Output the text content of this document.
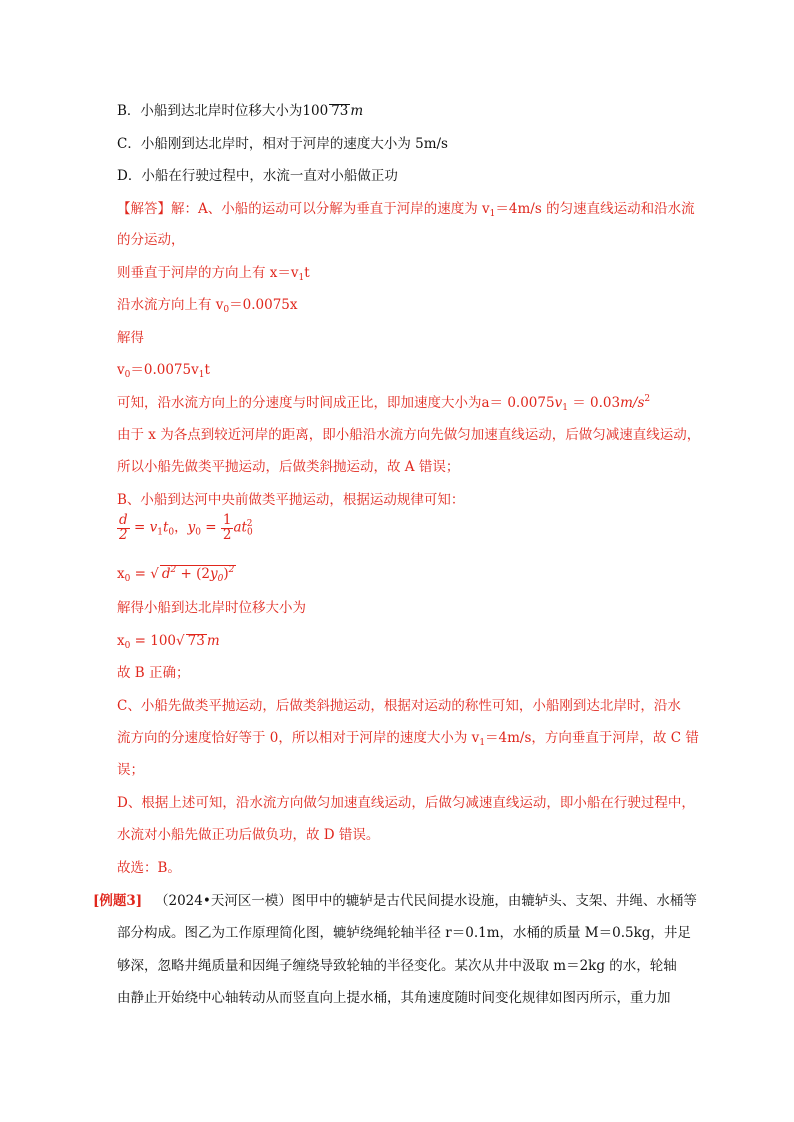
B．小船到达北岸时位移大小为100 73 m
C．小船刚到达北岸时，相对于河岸的速度大小为 5m/s
D．小船在行驶过程中，水流一直对小船做正功
【解答】解：A、小船的运动可以分解为垂直于河岸的速度为 $v_1=4m/s$ 的匀速直线运动和沿水流
的分运动，
则垂直于河岸的方向上有 $x=v_1t$
沿水流方向上有 $v_0=0.0075x$
解得
$v_0=0.0075v_1t$
可知，沿水流方向上的分速度与时间成正比，即加速度大小为$a= 0.0075v_1 = 0.03m/s^2$
由于 x 为各点到较近河岸的距离，即小船沿水流方向先做匀加速直线运动，后做匀减速直线运动，
所以小船先做类平抛运动，后做类斜抛运动，故 A 错误；
B、小船到达河中央前做类平抛运动，根据运动规律可知：
$\frac{d}{2} = v_1t_0$，$y_0 = \frac{1}{2} at_0^2$
$x_0$ = √ $d^2 + (2y_0)^2$
解得小船到达北岸时位移大小为
$x_0 = 100√$ 73 m
故 B 正确；
C、小船先做类平抛运动，后做类斜抛运动，根据对运动的称性可知，小船刚到达北岸时，沿水
流方向的分速度恰好等于 0，所以相对于河岸的速度大小为 $v_1=4m/s$，方向垂直于河岸，故 C 错
误；
D、根据上述可知，沿水流方向做匀加速直线运动，后做匀减速直线运动，即小船在行驶过程中，
水流对小船先做正功后做负功，故 D 错误。
故选：B。
[例题3] （2024•天河区一模）图甲中的辘轳是古代民间提水设施，由辘轳头、支架、井绳、水桶等
部分构成。图乙为工作原理简化图，辘轳绕绳轮轴半径 r＝0.1m，水桶的质量 M＝0.5kg，井足
够深，忽略井绳质量和因绳子缠绕导致轮轴的半径变化。某次从井中汲取 m＝2kg 的水，轮轴
由静止开始绕中心轴转动从而竖直向上提水桶，其角速度随时间变化规律如图丙所示，重力加
